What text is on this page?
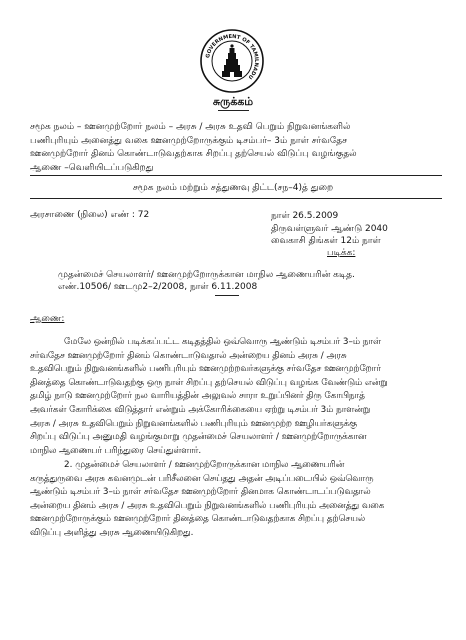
GOVERNMENT OF TAMILNADU
சுருக்கம்
சமூக நலம் – ஊனமுற்றோர் நலம் – அரசு / அரசு உதவி பெறும் நிறுவனங்களில்
பணிபுரியும் அனைத்து வகை ஊனமுற்றோருக்கும் டிசம்பர்– 3ம் நாள் சர்வதேச
ஊனமுற்றோர் தினம் கொண்டாடுவதற்காக சிறப்பு தற்செயல் விடுப்பு வழங்குதல்
ஆணை –வெளியிடப்படுகிறது
சமூக நலம் மற்றும் சத்துணவு திட்ட(சந–4)த் துறை
அரசாணை (நிலை) எண் : 72	நாள் 26.5.2009
திருவள்ளுவர் ஆண்டு 2040
வைகாசி திங்கள் 12ம் நாள்
படிக்க:
முதன்மைச் செயலாளர்/ ஊனமுற்றோருக்கான மாநில ஆணையரின் கடித.
எண்.10506/ ஊடமு2–2/2008, நாள் 6.11.2008
ஆணை:
மேலே ஒன்றில் படிக்கப்பட்ட கடிதத்தில் ஒவ்வொரு ஆண்டும் டிசம்பர் 3–ம் நாள்
சர்வதேச ஊனமுற்றோர் தினம் கொண்டாடுவதால் அன்றைய தினம் அரசு / அரசு
உதவிபெறும் நிறுவனங்களில் பணிபுரியும் ஊனமுற்றவர்களுக்கு சர்வதேச ஊனமுற்றோர்
தினத்தை கொண்டாடுவதற்கு ஒரு நாள் சிறப்பு தற்செயல் விடுப்பு வழங்க வேண்டும் என்று
தமிழ் நாடு ஊனமுற்றோர் நல வாரியத்தின் அலுவல் சாரா உறுப்பினர் திரு கோபிநாத்
அவர்கள் கோரிக்கை விடுத்தார் என்றும் அக்கோரிக்கையை ஏற்று டிசம்பர் 3ம் நாளன்று
அரசு / அரசு உதவிபெறும் நிறுவனங்களில் பணிபுரியும் ஊனமுற்ற ஊழியர்களுக்கு
சிறப்பு விடுப்பு அனுமதி வழங்குமாறு முதன்மைச் செயலாளர் / ஊனமுற்றோருக்கான
மாநில ஆணையர் பரிந்துரை செய்துள்ளார்.
2. முதன்மைச் செயலாளர் / ஊனமுற்றோருக்கான மாநில ஆணையரின்
கருத்துருவை அரசு கவனமுடன் பரிசீலனை செய்தது அதன் அடிப்படையில் ஒவ்வொரு
ஆண்டும் டிசம்பர் 3–ம் நாள் சர்வதேச ஊனமுற்றோர் தினமாக கொண்டாடப்படுவதால்
அன்றைய தினம் அரசு / அரசு உதவிபெறும் நிறுவனங்களில் பணிபுரியும் அனைத்து வகை
ஊனமுற்றோருக்கும் ஊனமுற்றோர் தினத்தை கொண்டாடுவதற்காக சிறப்பு தற்செயல்
விடுப்பு அளித்து அரசு ஆணையிடுகிறது.
